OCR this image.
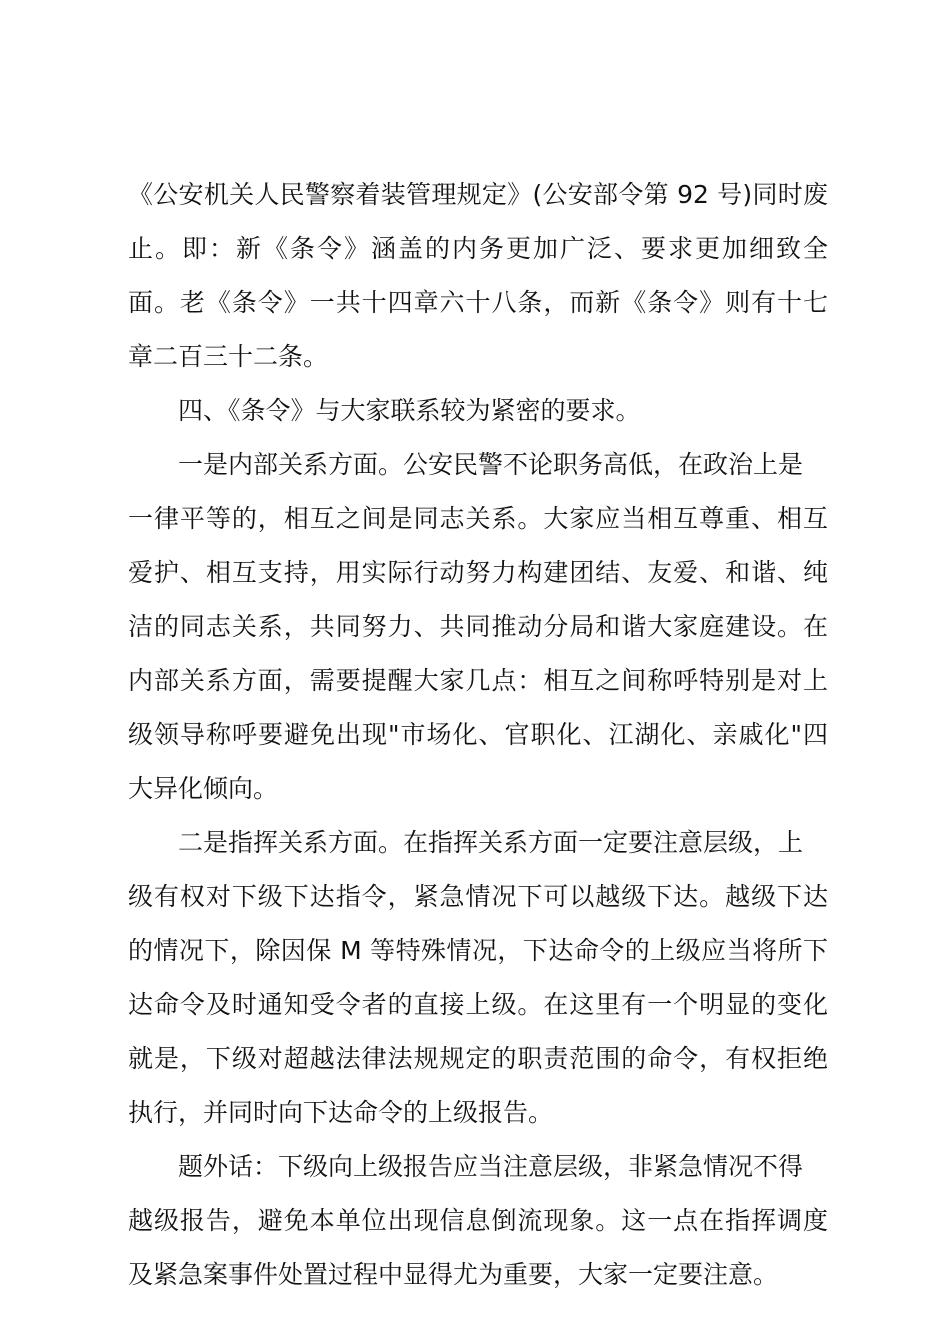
《公安机关人民警察着装管理规定》(公安部令第 92 号)同时废
止。即：新《条令》涵盖的内务更加广泛、要求更加细致全
面。老《条令》一共十四章六十八条，而新《条令》则有十七
章二百三十二条。
四、《条令》与大家联系较为紧密的要求。
一是内部关系方面。公安民警不论职务高低，在政治上是
一律平等的，相互之间是同志关系。大家应当相互尊重、相互
爱护、相互支持，用实际行动努力构建团结、友爱、和谐、纯
洁的同志关系，共同努力、共同推动分局和谐大家庭建设。在
内部关系方面，需要提醒大家几点：相互之间称呼特别是对上
级领导称呼要避免出现"市场化、官职化、江湖化、亲戚化"四
大异化倾向。
二是指挥关系方面。在指挥关系方面一定要注意层级，上
级有权对下级下达指令，紧急情况下可以越级下达。越级下达
的情况下，除因保 M 等特殊情况，下达命令的上级应当将所下
达命令及时通知受令者的直接上级。在这里有一个明显的变化
就是，下级对超越法律法规规定的职责范围的命令，有权拒绝
执行，并同时向下达命令的上级报告。
题外话：下级向上级报告应当注意层级，非紧急情况不得
越级报告，避免本单位出现信息倒流现象。这一点在指挥调度
及紧急案事件处置过程中显得尤为重要，大家一定要注意。
